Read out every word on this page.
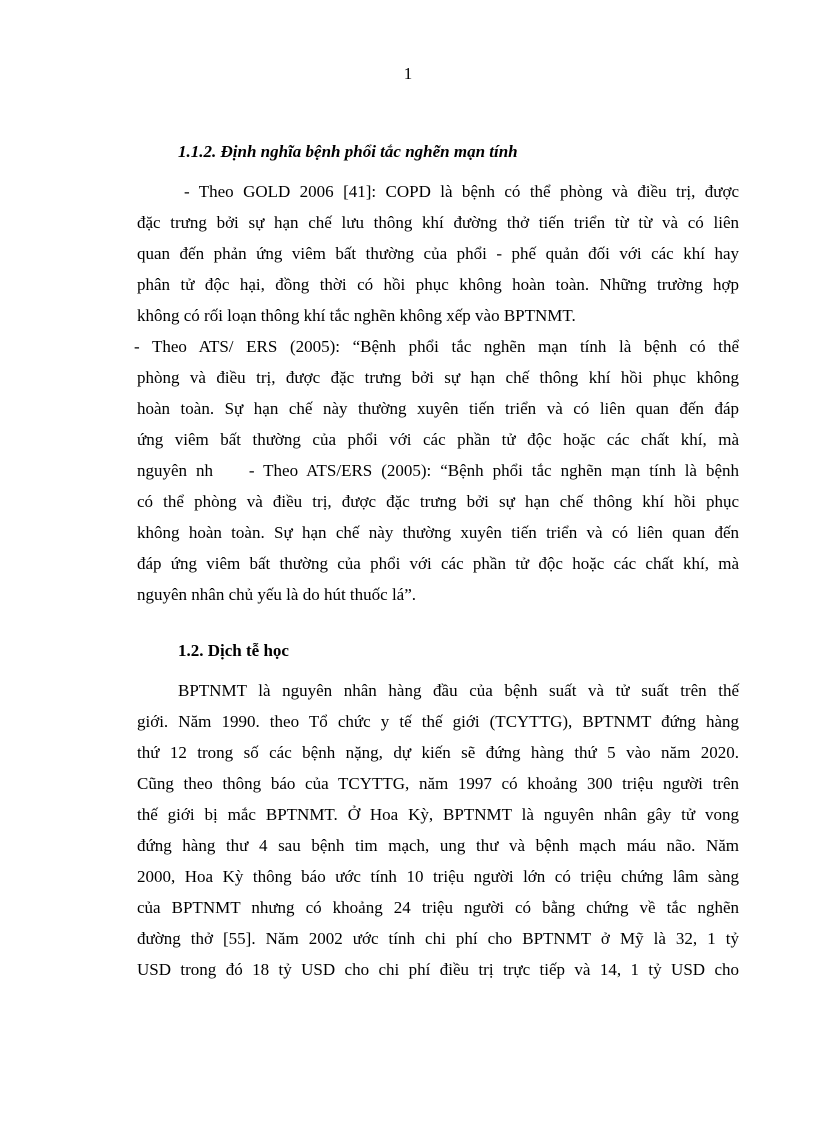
1
1.1.2. Định nghĩa bệnh phổi tắc nghẽn mạn tính
- Theo GOLD 2006 [41]: COPD là bệnh có thể phòng và điều trị, được
đặc trưng bởi sự hạn chế lưu thông khí đường thở tiến triển từ từ và có liên
quan đến phản ứng viêm bất thường của phổi - phế quản đối với các khí hay
phân tử độc hại, đồng thời có hồi phục không hoàn toàn. Những trường hợp
không có rối loạn thông khí tắc nghẽn không xếp vào BPTNMT.
- Theo ATS/ ERS (2005): “Bệnh phổi tắc nghẽn mạn tính là bệnh có thể
phòng và điều trị, được đặc trưng bởi sự hạn chế thông khí hồi phục không
hoàn toàn. Sự hạn chế này thường xuyên tiến triển và có liên quan đến đáp
ứng viêm bất thường của phổi với các phần tử độc hoặc các chất khí, mà
nguyên nh    - Theo ATS/ERS (2005): “Bệnh phổi tắc nghẽn mạn tính là bệnh
có thể phòng và điều trị, được đặc trưng bởi sự hạn chế thông khí hồi phục
không hoàn toàn. Sự hạn chế này thường xuyên tiến triển và có liên quan đến
đáp ứng viêm bất thường của phổi với các phần tử độc hoặc các chất khí, mà
nguyên nhân chủ yếu là do hút thuốc lá”.
1.2. Dịch tễ học
BPTNMT là nguyên nhân hàng đầu của bệnh suất và tử suất trên thế
giới. Năm 1990. theo Tổ chức y tế thế giới (TCYTTG), BPTNMT đứng hàng
thứ 12 trong số các bệnh nặng, dự kiến sẽ đứng hàng thứ 5 vào năm 2020.
Cũng theo thông báo của TCYTTG, năm 1997 có khoảng 300 triệu người trên
thế giới bị mắc BPTNMT. Ở Hoa Kỳ, BPTNMT là nguyên nhân gây tử vong
đứng hàng thư 4 sau bệnh tim mạch, ung thư và bệnh mạch máu não. Năm
2000, Hoa Kỳ thông báo ước tính 10 triệu người lớn có triệu chứng lâm sàng
của BPTNMT nhưng có khoảng 24 triệu người có bằng chứng về tắc nghẽn
đường thở [55]. Năm 2002 ước tính chi phí cho BPTNMT ở Mỹ là 32, 1 tỷ
USD trong đó 18 tỷ USD cho chi phí điều trị trực tiếp và 14, 1 tỷ USD cho
